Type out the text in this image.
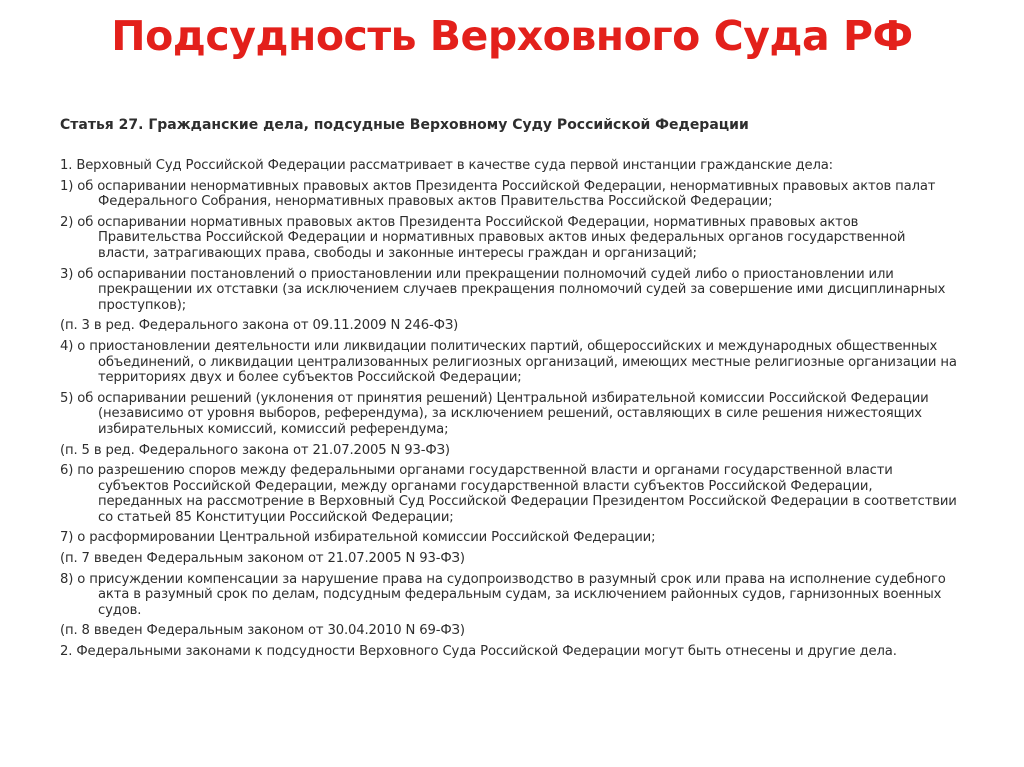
Подсудность Верховного Суда РФ

Статья 27. Гражданские дела, подсудные Верховному Суду Российской Федерации

1. Верховный Суд Российской Федерации рассматривает в качестве суда первой инстанции гражданские дела:
1) об оспаривании ненормативных правовых актов Президента Российской Федерации, ненормативных правовых актов палат Федерального Собрания, ненормативных правовых актов Правительства Российской Федерации;
2) об оспаривании нормативных правовых актов Президента Российской Федерации, нормативных правовых актов Правительства Российской Федерации и нормативных правовых актов иных федеральных органов государственной власти, затрагивающих права, свободы и законные интересы граждан и организаций;
3) об оспаривании постановлений о приостановлении или прекращении полномочий судей либо о приостановлении или прекращении их отставки (за исключением случаев прекращения полномочий судей за совершение ими дисциплинарных проступков);
(п. 3 в ред. Федерального закона от 09.11.2009 N 246-ФЗ)
4) о приостановлении деятельности или ликвидации политических партий, общероссийских и международных общественных объединений, о ликвидации централизованных религиозных организаций, имеющих местные религиозные организации на территориях двух и более субъектов Российской Федерации;
5) об оспаривании решений (уклонения от принятия решений) Центральной избирательной комиссии Российской Федерации (независимо от уровня выборов, референдума), за исключением решений, оставляющих в силе решения нижестоящих избирательных комиссий, комиссий референдума;
(п. 5 в ред. Федерального закона от 21.07.2005 N 93-ФЗ)
6) по разрешению споров между федеральными органами государственной власти и органами государственной власти субъектов Российской Федерации, между органами государственной власти субъектов Российской Федерации, переданных на рассмотрение в Верховный Суд Российской Федерации Президентом Российской Федерации в соответствии со статьей 85 Конституции Российской Федерации;
7) о расформировании Центральной избирательной комиссии Российской Федерации;
(п. 7 введен Федеральным законом от 21.07.2005 N 93-ФЗ)
8) о присуждении компенсации за нарушение права на судопроизводство в разумный срок или права на исполнение судебного акта в разумный срок по делам, подсудным федеральным судам, за исключением районных судов, гарнизонных военных судов.
(п. 8 введен Федеральным законом от 30.04.2010 N 69-ФЗ)
2. Федеральными законами к подсудности Верховного Суда Российской Федерации могут быть отнесены и другие дела.
